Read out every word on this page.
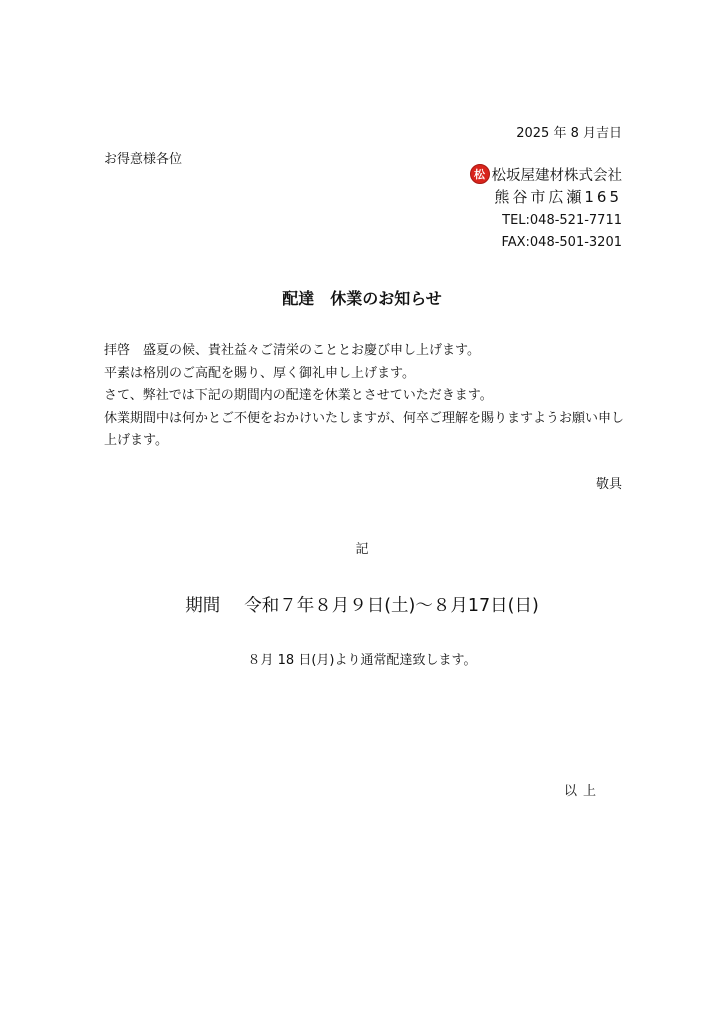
2025 年 8 月吉日
お得意様各位
松 松坂屋建材株式会社
熊谷市広瀬165
TEL:048-521-7711
FAX:048-501-3201
配達　休業のお知らせ

拝啓　盛夏の候、貴社益々ご清栄のこととお慶び申し上げます。

平素は格別のご高配を賜り、厚く御礼申し上げます。

さて、弊社では下記の期間内の配達を休業とさせていただきます。

休業期間中は何かとご不便をおかけいたしますが、何卒ご理解を賜りますようお願い申し上げます。

敬具
記
期間 令和７年８月９日(土)～８月17日(日)
８月 18 日(月)より通常配達致します。
以上
